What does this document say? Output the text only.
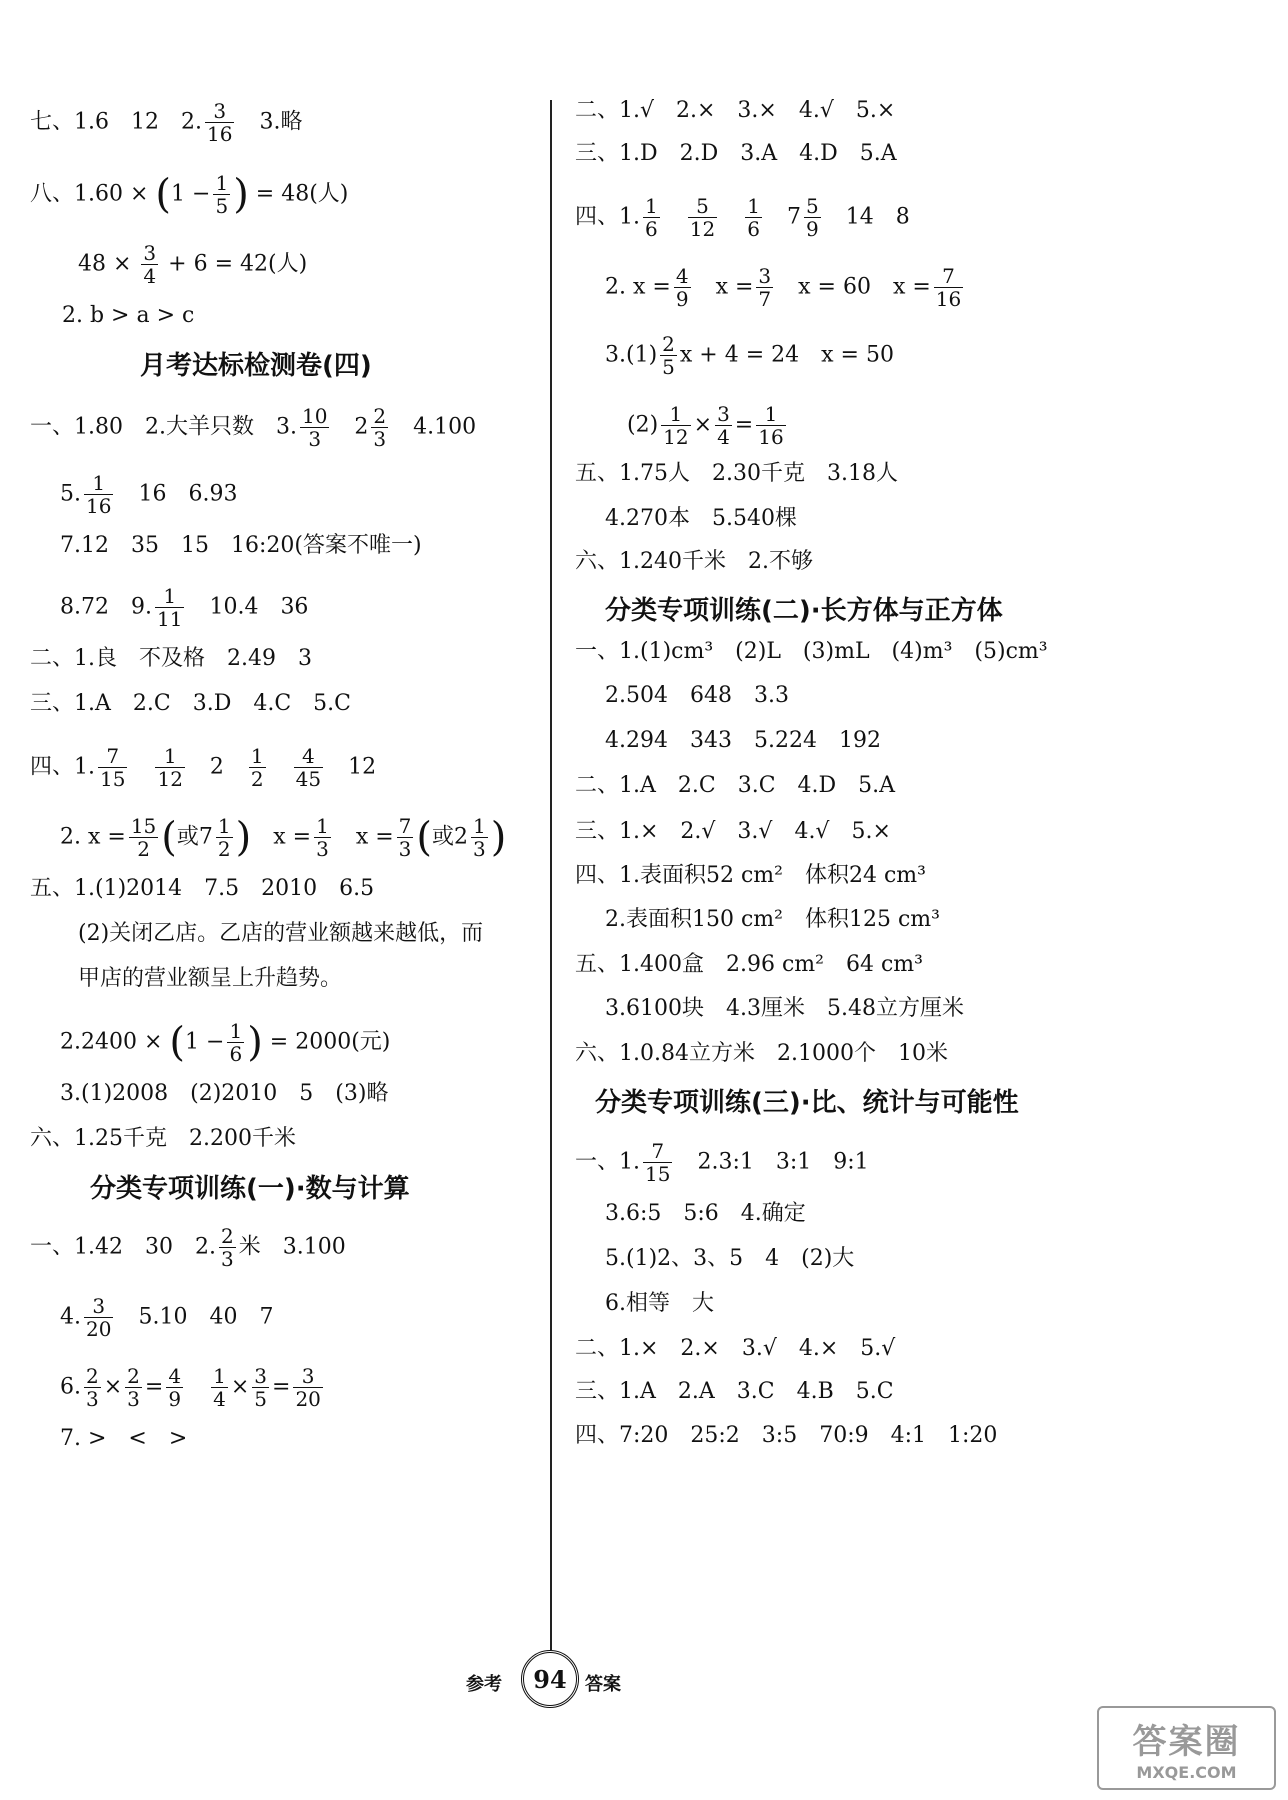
七、1.6　12　2. $\frac{3}{16}$
　 3.略
八、$1.60 \times (1 - \frac{1}{5}$ ) = 48(人)
$48 \times \frac{3}{4} + 6 = 42$(人)
2. b > a > c
月考达标检测卷(四)
一、1.80　2.大羊只数　3. $\frac{10}{3}$ 　$2 \frac{2}{3}$
　 4.100
5. $\frac{1}{16}$
　 16　6.93
7.12　35　15　16:20(答案不唯一)
8.72　9. $\frac{1}{11}$
　 10.4　36
二、1.良　不及格　2.49　3
三、1.A　2.C　3.D　4.C　5.C
四、1. $\frac{7}{15}$
　 $\frac{1}{12}$ 　2　 $\frac{1}{2}$
　 $\frac{4}{45}$
　 12
2. $x = \frac{15}{2}$ (或$7 \frac{1}{2}$ )　$x = \frac{1}{3}$ 　$x = \frac{7}{3}$ (或$2 \frac{1}{3}$ )
五、1.(1)2014　7.5　2010　6.5
(2)关闭乙店。乙店的营业额越来越低，而
甲店的营业额呈上升趋势。
$2.2400 \times (1 - \frac{1}{6}$ ) = 2000(元)
3.(1)2008　(2)2010　5　(3)略
六、1.25千克　2.200千米
分类专项训练(一)·数与计算
一、1.42　30　2. $\frac{2}{3}$ 米　3.100
4. $\frac{3}{20}$
　 5.10　40　7
6. $\frac{2}{3} \times \frac{2}{3} = \frac{4}{9}$
　 $\frac{1}{4} \times \frac{3}{5} = \frac{3}{20}$
7. >　<　>
二、1.√　2.×　3.×　4.√　5.×
三、1.D　2.D　3.A　4.D　5.A
四、1. $\frac{1}{6}$
　 $\frac{5}{12}$
　 $\frac{1}{6}$ 　$7 \frac{5}{9}$
　 14　8
2. $x = \frac{4}{9}$ 　$x = \frac{3}{7}$ 　x = 60　$x = \frac{7}{16}$
$3.(1) \frac{2}{5}$ x + 4 = 24　x = 50
$(2) \frac{1}{12} \times \frac{3}{4} = \frac{1}{16}$
五、1.75人　2.30千克　3.18人
4.270本　5.540棵
六、1.240千米　2.不够
分类专项训练(二)·长方体与正方体
一、1.(1)cm³　(2)L　(3)mL　(4)m³　(5)cm³
2.504　648　3.3
4.294　343　5.224　192
二、1.A　2.C　3.C　4.D　5.A
三、1.×　2.√　3.√　4.√　5.×
四、1.表面积52 cm²　体积24 cm³
2.表面积150 cm²　体积125 cm³
五、1.400盒　2.96 cm²　64 cm³
3.6100块　4.3厘米　5.48立方厘米
六、1.0.84立方米　2.1000个　10米
分类专项训练(三)·比、统计与可能性
一、1. $\frac{7}{15}$
　 2.3:1　3:1　9:1
3.6:5　5:6　4.确定
5.(1)2、3、5　4　(2)大
6.相等　大
二、1.×　2.×　3.√　4.×　5.√
三、1.A　2.A　3.C　4.B　5.C
四、7:20　25:2　3:5　70:9　4:1　1:20
参考	94	答案
答案圈
MXQE.COM
